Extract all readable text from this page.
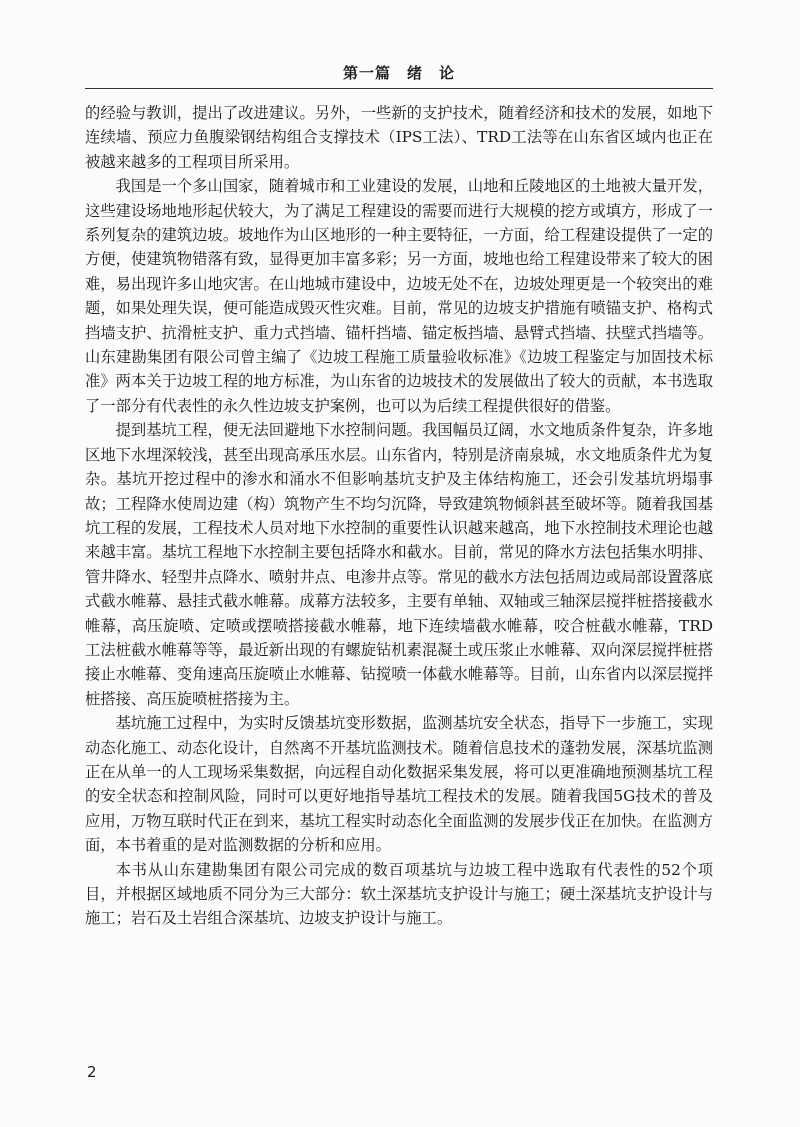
第一篇　绪　论

的经验与教训，提出了改进建议。另外，一些新的支护技术，随着经济和技术的发展，如地下连续墙、预应力鱼腹梁钢结构组合支撑技术（IPS工法）、TRD工法等在山东省区域内也正在被越来越多的工程项目所采用。

我国是一个多山国家，随着城市和工业建设的发展，山地和丘陵地区的土地被大量开发，这些建设场地地形起伏较大，为了满足工程建设的需要而进行大规模的挖方或填方，形成了一系列复杂的建筑边坡。坡地作为山区地形的一种主要特征，一方面，给工程建设提供了一定的方便，使建筑物错落有致，显得更加丰富多彩；另一方面，坡地也给工程建设带来了较大的困难，易出现许多山地灾害。在山地城市建设中，边坡无处不在，边坡处理更是一个较突出的难题，如果处理失误，便可能造成毁灭性灾难。目前，常见的边坡支护措施有喷锚支护、格构式挡墙支护、抗滑桩支护、重力式挡墙、锚杆挡墙、锚定板挡墙、悬臂式挡墙、扶壁式挡墙等。山东建勘集团有限公司曾主编了《边坡工程施工质量验收标准》《边坡工程鉴定与加固技术标准》两本关于边坡工程的地方标准，为山东省的边坡技术的发展做出了较大的贡献，本书选取了一部分有代表性的永久性边坡支护案例，也可以为后续工程提供很好的借鉴。

提到基坑工程，便无法回避地下水控制问题。我国幅员辽阔，水文地质条件复杂，许多地区地下水埋深较浅，甚至出现高承压水层。山东省内，特别是济南泉城，水文地质条件尤为复杂。基坑开挖过程中的渗水和涌水不但影响基坑支护及主体结构施工，还会引发基坑坍塌事故；工程降水使周边建（构）筑物产生不均匀沉降，导致建筑物倾斜甚至破坏等。随着我国基坑工程的发展，工程技术人员对地下水控制的重要性认识越来越高，地下水控制技术理论也越来越丰富。基坑工程地下水控制主要包括降水和截水。目前，常见的降水方法包括集水明排、管井降水、轻型井点降水、喷射井点、电渗井点等。常见的截水方法包括周边或局部设置落底式截水帷幕、悬挂式截水帷幕。成幕方法较多，主要有单轴、双轴或三轴深层搅拌桩搭接截水帷幕，高压旋喷、定喷或摆喷搭接截水帷幕，地下连续墙截水帷幕，咬合桩截水帷幕，TRD工法桩截水帷幕等等，最近新出现的有螺旋钻机素混凝土或压浆止水帷幕、双向深层搅拌桩搭接止水帷幕、变角速高压旋喷止水帷幕、钻搅喷一体截水帷幕等。目前，山东省内以深层搅拌桩搭接、高压旋喷桩搭接为主。

基坑施工过程中，为实时反馈基坑变形数据，监测基坑安全状态，指导下一步施工，实现动态化施工、动态化设计，自然离不开基坑监测技术。随着信息技术的蓬勃发展，深基坑监测正在从单一的人工现场采集数据，向远程自动化数据采集发展，将可以更准确地预测基坑工程的安全状态和控制风险，同时可以更好地指导基坑工程技术的发展。随着我国5G技术的普及应用，万物互联时代正在到来，基坑工程实时动态化全面监测的发展步伐正在加快。在监测方面，本书着重的是对监测数据的分析和应用。

本书从山东建勘集团有限公司完成的数百项基坑与边坡工程中选取有代表性的52个项目，并根据区域地质不同分为三大部分：软土深基坑支护设计与施工；硬土深基坑支护设计与施工；岩石及土岩组合深基坑、边坡支护设计与施工。

2
